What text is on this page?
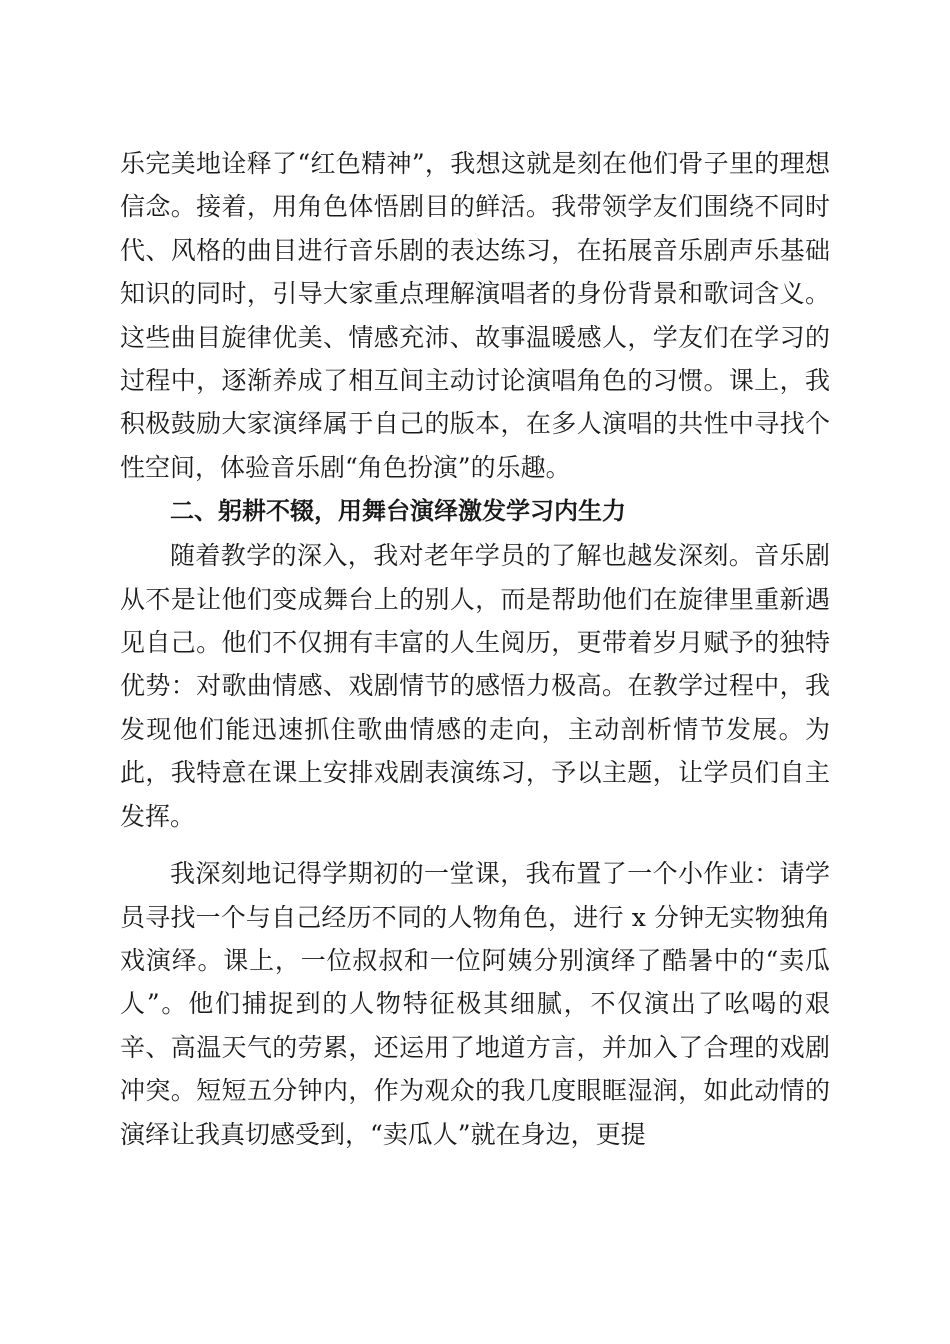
乐完美地诠释了“红色精神”，我想这就是刻在他们骨子里的理想信念。接着，用角色体悟剧目的鲜活。我带领学友们围绕不同时代、风格的曲目进行音乐剧的表达练习，在拓展音乐剧声乐基础知识的同时，引导大家重点理解演唱者的身份背景和歌词含义。这些曲目旋律优美、情感充沛、故事温暖感人，学友们在学习的过程中，逐渐养成了相互间主动讨论演唱角色的习惯。课上，我积极鼓励大家演绎属于自己的版本，在多人演唱的共性中寻找个性空间，体验音乐剧“角色扮演”的乐趣。

二、躬耕不辍，用舞台演绎激发学习内生力

随着教学的深入，我对老年学员的了解也越发深刻。音乐剧从不是让他们变成舞台上的别人，而是帮助他们在旋律里重新遇见自己。他们不仅拥有丰富的人生阅历，更带着岁月赋予的独特优势：对歌曲情感、戏剧情节的感悟力极高。在教学过程中，我发现他们能迅速抓住歌曲情感的走向，主动剖析情节发展。为此，我特意在课上安排戏剧表演练习，予以主题，让学员们自主发挥。

我深刻地记得学期初的一堂课，我布置了一个小作业：请学员寻找一个与自己经历不同的人物角色，进行 x 分钟无实物独角戏演绎。课上，一位叔叔和一位阿姨分别演绎了酷暑中的“卖瓜人”。他们捕捉到的人物特征极其细腻，不仅演出了吆喝的艰辛、高温天气的劳累，还运用了地道方言，并加入了合理的戏剧冲突。短短五分钟内，作为观众的我几度眼眶湿润，如此动情的演绎让我真切感受到，“卖瓜人”就在身边，更提
